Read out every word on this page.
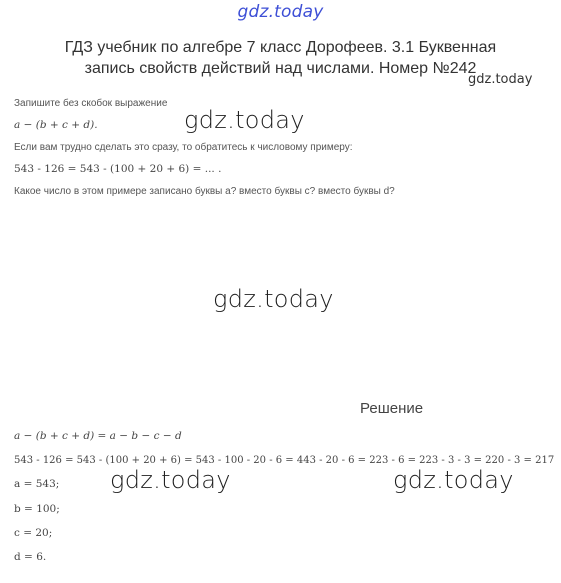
gdz.today
ГДЗ учебник по алгебре 7 класс Дорофеев. 3.1 Буквенная
запись свойств действий над числами. Номер №242
gdz.today
Запишите без скобок выражение
a − (b + c + d).
Если вам трудно сделать это сразу, то обратитесь к числовому примеру:
543 - 126 = 543 - (100 + 20 + 6) = ... .
Какое число в этом примере записано буквы a? вместо буквы c? вместо буквы d?
gdz.today
gdz.today
Решение
a − (b + c + d) = a − b − c − d
543 - 126 = 543 - (100 + 20 + 6) = 543 - 100 - 20 - 6 = 443 - 20 - 6 = 223 - 6 = 223 - 3 - 3 = 220 - 3 = 217
a = 543;
b = 100;
c = 20;
d = 6.
gdz.today	gdz.today
